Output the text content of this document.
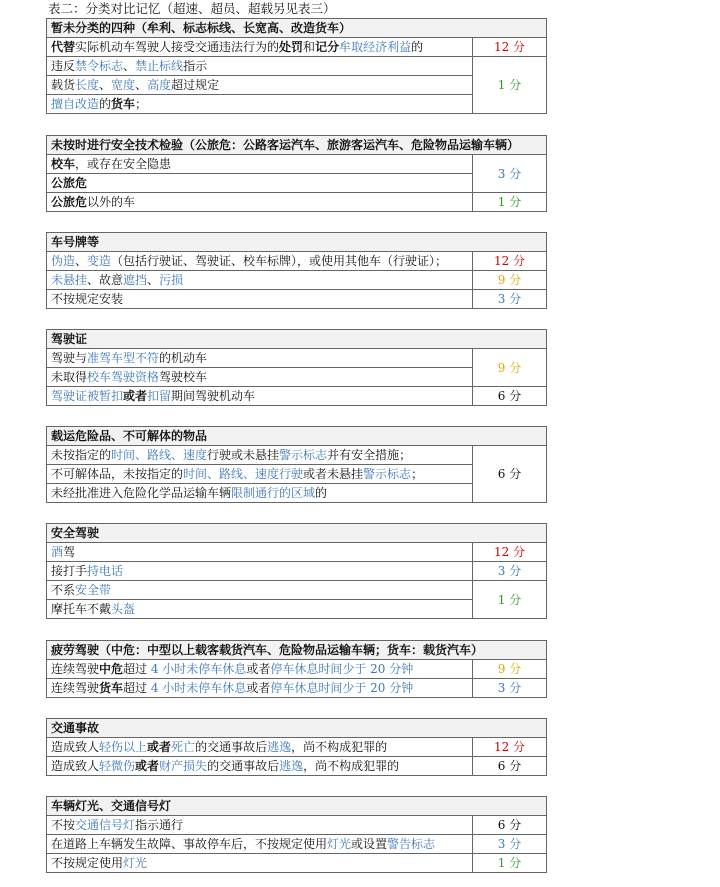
表二：分类对比记忆（超速、超员、超载另见表三）
暂未分类的四种（牟利、标志标线、长宽高、改造货车）	
代替实际机动车驾驶人接受交通违法行为的处罚和记分牟取经济利益的	12 分
违反禁令标志、禁止标线指示	1 分
载货长度、宽度、高度超过规定	
擅自改造的货车；	
未按时进行安全技术检验（公旅危：公路客运汽车、旅游客运汽车、危险物品运输车辆）	
校车，或存在安全隐患	3 分
公旅危	
公旅危以外的车	1 分
车号牌等	
伪造、变造（包括行驶证、驾驶证、校车标牌），或使用其他车（行驶证）；	12 分
未悬挂、故意遮挡、污损	9 分
不按规定安装	3 分
驾驶证	
驾驶与准驾车型不符的机动车	9 分
未取得校车驾驶资格驾驶校车	
驾驶证被暂扣或者扣留期间驾驶机动车	6 分
载运危险品、不可解体的物品
未按指定的时间、路线、速度行驶或未悬挂警示标志并有安全措施；	6 分
不可解体品，未按指定的时间、路线、速度行驶或者未悬挂警示标志；
未经批准进入危险化学品运输车辆限制通行的区域的
安全驾驶	
酒驾	12 分
接打手持电话	3 分
不系安全带	1 分
摩托车不戴头盔	
疲劳驾驶（中危：中型以上载客载货汽车、危险物品运输车辆；货车：载货汽车）	
连续驾驶中危超过 4 小时未停车休息或者停车休息时间少于 20 分钟	9 分
连续驾驶货车超过 4 小时未停车休息或者停车休息时间少于 20 分钟	3 分
交通事故	
造成致人轻伤以上或者死亡的交通事故后逃逸，尚不构成犯罪的	12 分
造成致人轻微伤或者财产损失的交通事故后逃逸，尚不构成犯罪的	6 分
车辆灯光、交通信号灯	
不按交通信号灯指示通行	6 分
在道路上车辆发生故障、事故停车后，不按规定使用灯光或设置警告标志	3 分
不按规定使用灯光	1 分
